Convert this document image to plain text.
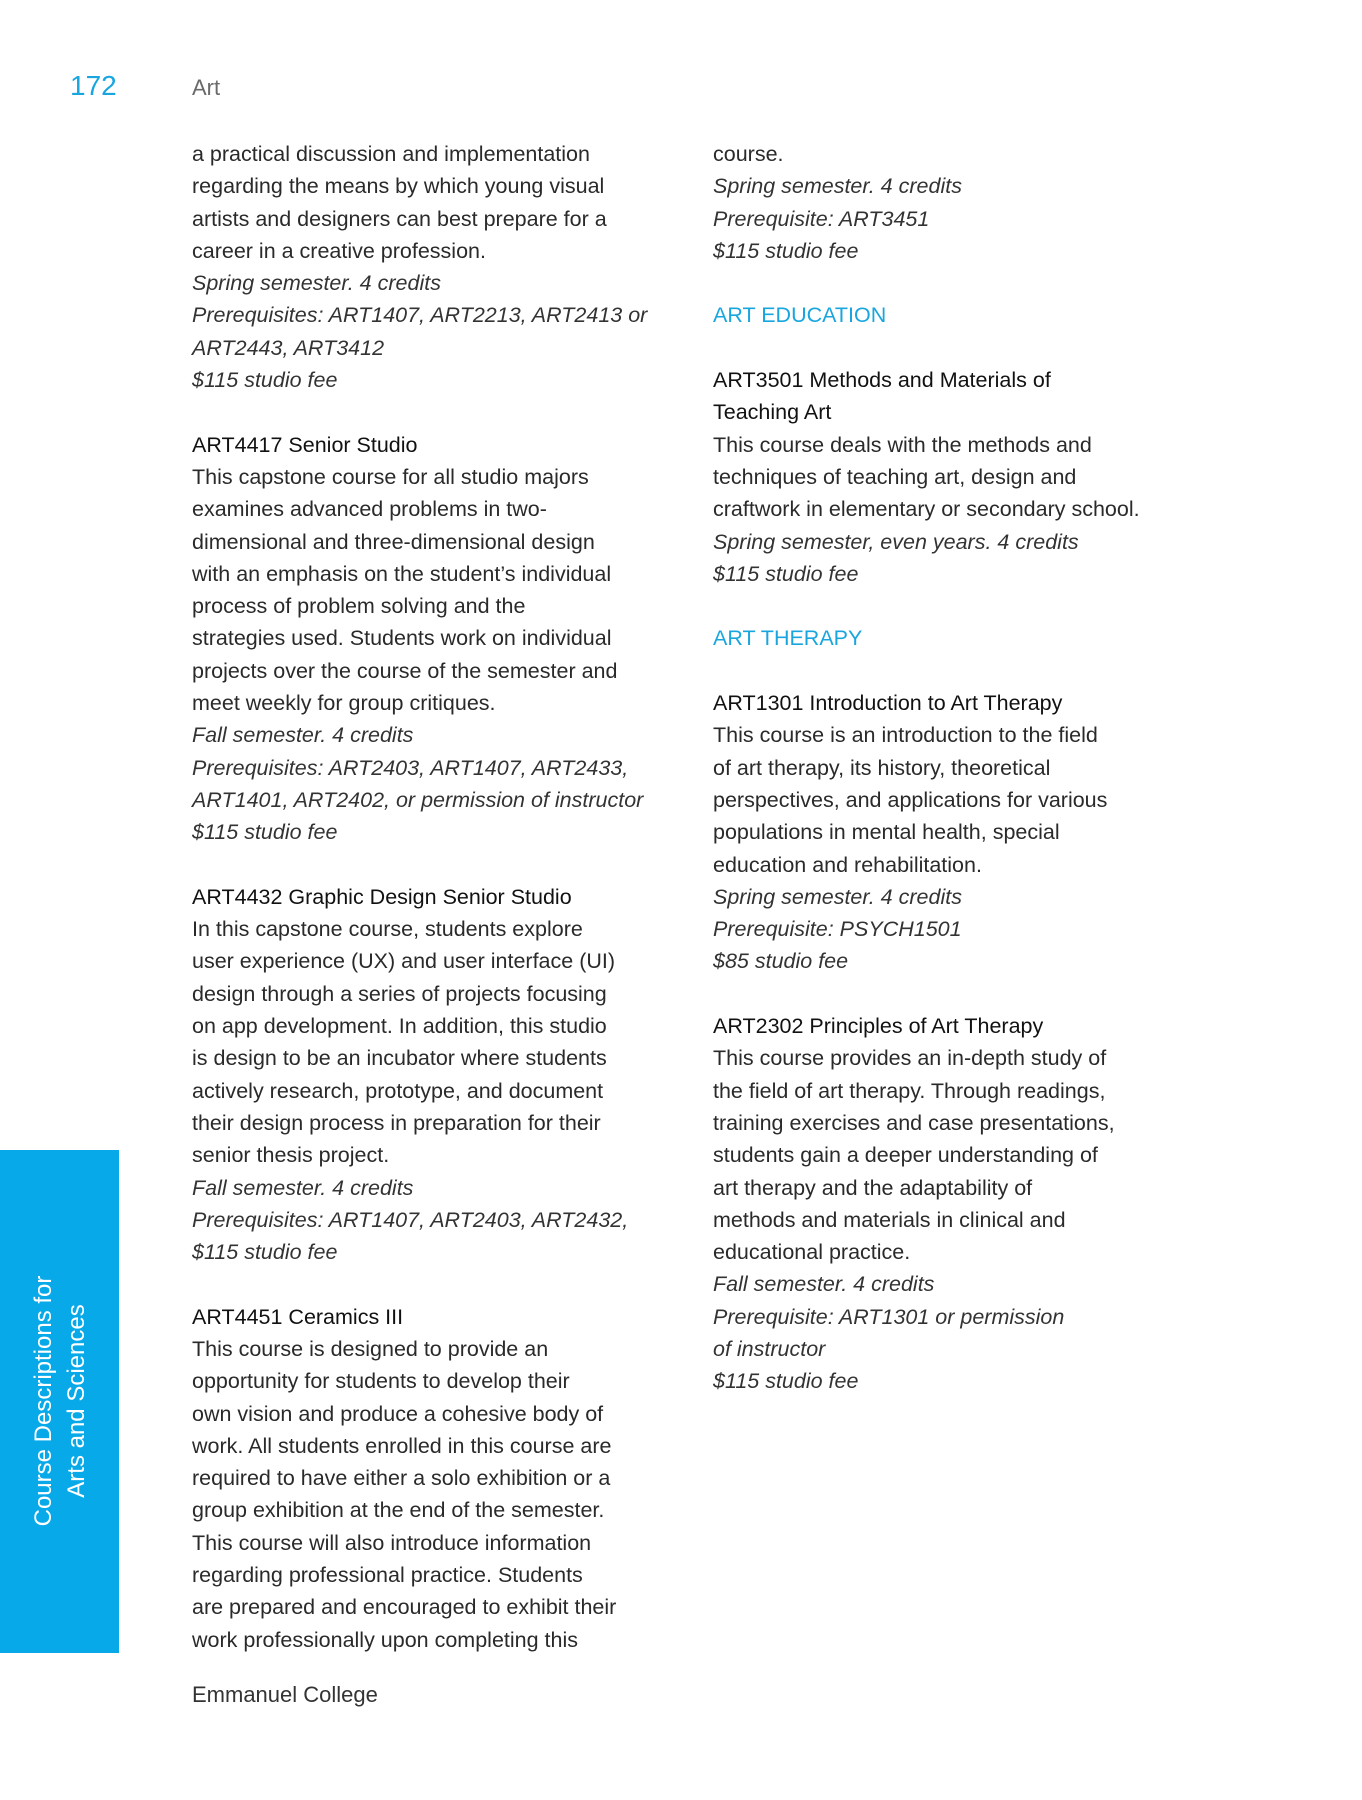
172	Art
a practical discussion and implementation
regarding the means by which young visual
artists and designers can best prepare for a
career in a creative profession.
Spring semester. 4 credits
Prerequisites: ART1407, ART2213, ART2413 or
ART2443, ART3412
$115 studio fee
ART4417 Senior Studio
This capstone course for all studio majors
examines advanced problems in two-
dimensional and three-dimensional design
with an emphasis on the student’s individual
process of problem solving and the
strategies used. Students work on individual
projects over the course of the semester and
meet weekly for group critiques.
Fall semester. 4 credits
Prerequisites: ART2403, ART1407, ART2433,
ART1401, ART2402, or permission of instructor
$115 studio fee
ART4432 Graphic Design Senior Studio
In this capstone course, students explore
user experience (UX) and user interface (UI)
design through a series of projects focusing
on app development. In addition, this studio
is design to be an incubator where students
actively research, prototype, and document
their design process in preparation for their
senior thesis project.
Fall semester. 4 credits
Prerequisites: ART1407, ART2403, ART2432,
$115 studio fee
ART4451 Ceramics III
This course is designed to provide an
opportunity for students to develop their
own vision and produce a cohesive body of
work. All students enrolled in this course are
required to have either a solo exhibition or a
group exhibition at the end of the semester.
This course will also introduce information
regarding professional practice. Students
are prepared and encouraged to exhibit their
work professionally upon completing this
course.
Spring semester. 4 credits
Prerequisite: ART3451
$115 studio fee
ART EDUCATION
ART3501 Methods and Materials of
Teaching Art
This course deals with the methods and
techniques of teaching art, design and
craftwork in elementary or secondary school.
Spring semester, even years. 4 credits
$115 studio fee
ART THERAPY
ART1301 Introduction to Art Therapy
This course is an introduction to the field
of art therapy, its history, theoretical
perspectives, and applications for various
populations in mental health, special
education and rehabilitation.
Spring semester. 4 credits
Prerequisite: PSYCH1501
$85 studio fee
ART2302 Principles of Art Therapy
This course provides an in-depth study of
the field of art therapy. Through readings,
training exercises and case presentations,
students gain a deeper understanding of
art therapy and the adaptability of
methods and materials in clinical and
educational practice.
Fall semester. 4 credits
Prerequisite: ART1301 or permission
of instructor
$115 studio fee
Course Descriptions for Arts and Sciences
Emmanuel College
